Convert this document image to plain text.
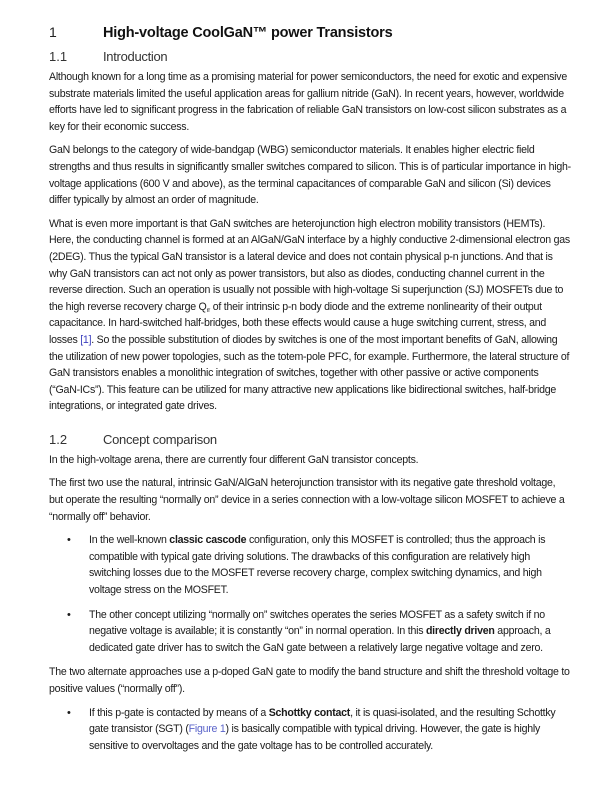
1	High-voltage CoolGaN™ power Transistors
1.1	Introduction

Although known for a long time as a promising material for power semiconductors, the need for exotic and expensive substrate materials limited the useful application areas for gallium nitride (GaN). In recent years, however, worldwide efforts have led to significant progress in the fabrication of reliable GaN transistors on low-cost silicon substrates as a key for their economic success.

GaN belongs to the category of wide-bandgap (WBG) semiconductor materials. It enables higher electric field strengths and thus results in significantly smaller switches compared to silicon. This is of particular importance in high-voltage applications (600 V and above), as the terminal capacitances of comparable GaN and silicon (Si) devices differ typically by almost an order of magnitude.

What is even more important is that GaN switches are heterojunction high electron mobility transistors (HEMTs). Here, the conducting channel is formed at an AlGaN/GaN interface by a highly conductive 2-dimensional electron gas (2DEG). Thus the typical GaN transistor is a lateral device and does not contain physical p-n junctions. And that is why GaN transistors can act not only as power transistors, but also as diodes, conducting channel current in the reverse direction. Such an operation is usually not possible with high-voltage Si superjunction (SJ) MOSFETs due to the high reverse recovery charge $Q_{rr}$ of their intrinsic p-n body diode and the extreme nonlinearity of their output capacitance. In hard-switched half-bridges, both these effects would cause a huge switching current, stress, and losses [1]. So the possible substitution of diodes by switches is one of the most important benefits of GaN, allowing the utilization of new power topologies, such as the totem-pole PFC, for example. Furthermore, the lateral structure of GaN transistors enables a monolithic integration of switches, together with other passive or active components (“GaN-ICs”). This feature can be utilized for many attractive new applications like bidirectional switches, half-bridge integrations, or integrated gate drives.

1.2	Concept comparison

In the high-voltage arena, there are currently four different GaN transistor concepts.

The first two use the natural, intrinsic GaN/AlGaN heterojunction transistor with its negative gate threshold voltage, but operate the resulting “normally on” device in a series connection with a low-voltage silicon MOSFET to achieve a “normally off” behavior.

• In the well-known classic cascode configuration, only this MOSFET is controlled; thus the approach is compatible with typical gate driving solutions. The drawbacks of this configuration are relatively high switching losses due to the MOSFET reverse recovery charge, complex switching dynamics, and high voltage stress on the MOSFET.

• The other concept utilizing “normally on” switches operates the series MOSFET as a safety switch if no negative voltage is available; it is constantly “on” in normal operation. In this directly driven approach, a dedicated gate driver has to switch the GaN gate between a relatively large negative voltage and zero.

The two alternate approaches use a p-doped GaN gate to modify the band structure and shift the threshold voltage to positive values (“normally off”).

• If this p-gate is contacted by means of a Schottky contact, it is quasi-isolated, and the resulting Schottky gate transistor (SGT) (Figure 1) is basically compatible with typical driving. However, the gate is highly sensitive to overvoltages and the gate voltage has to be controlled accurately.
